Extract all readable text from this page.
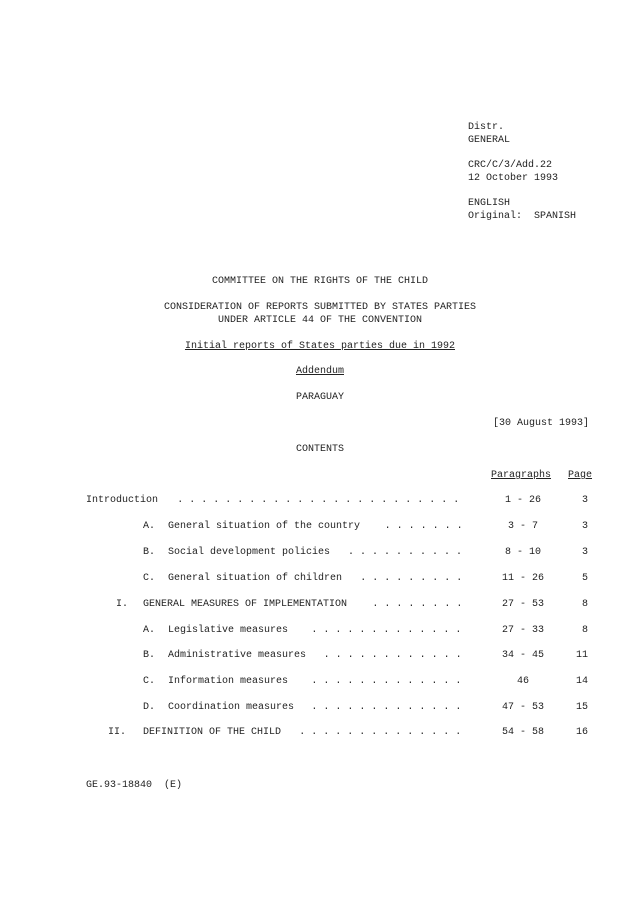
Distr.
GENERAL
CRC/C/3/Add.22
12 October 1993
ENGLISH
Original:  SPANISH
COMMITTEE ON THE RIGHTS OF THE CHILD
CONSIDERATION OF REPORTS SUBMITTED BY STATES PARTIES
UNDER ARTICLE 44 OF THE CONVENTION
Initial reports of States parties due in 1992
Addendum
PARAGUAY
[30 August 1993]
CONTENTS
Paragraphs Page
Introduction . . . . . . . . . . . . . . . . . . . . . . . .	1 - 26	3
A. General situation of the country . . . . . . .	3 - 7	3
B. Social development policies . . . . . . . . . .	8 - 10	3
C. General situation of children . . . . . . . . .	11 - 26	5
I. GENERAL MEASURES OF IMPLEMENTATION	. . . . . . . .	27 - 53	8
A. Legislative measures . . . . . . . . . . . . .	27 - 33	8
B. Administrative measures . . . . . . . . . . . .	34 - 45	11
C. Information measures . . . . . . . . . . . . .	46	14
D. Coordination measures . . . . . . . . . . . . .	47 - 53	15
II. DEFINITION OF THE CHILD . . . . . . . . . . . . . .	54 - 58	16
GE.93-18840  (E)
